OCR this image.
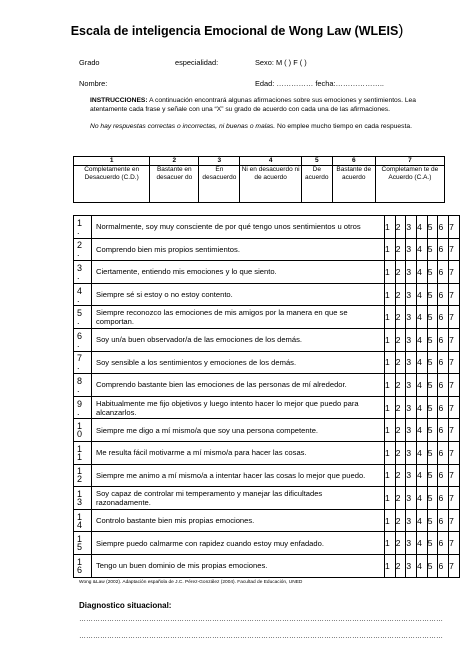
Escala de inteligencia Emocional de Wong Law (WLEIS)
Grado	especialidad:	Sexo: M ( ) F ( )
Nombre:	Edad: …………… fecha:………………..
INSTRUCCIONES: A continuación encontrará algunas afirmaciones sobre sus emociones y sentimientos. Lea atentamente cada frase y señale con una “X” su grado de acuerdo con cada una de las afirmaciones.
No hay respuestas correctas o incorrectas, ni buenas o malas. No emplee mucho tiempo en cada respuesta.
1	2	3	4	5	6	7
Completamente en Desacuerdo (C.D.)	Bastante en desacuer do	En desacuerdo	Ni en desacuerdo ni de acuerdo	De acuerdo	Bastante de acuerdo	Completamen te de Acuerdo (C.A.)
1
.	Normalmente, soy muy consciente de por qué tengo unos sentimientos u otros		1	2	3	4	5	6	7

2
.	Comprendo bien mis propios sentimientos.		1	2	3	4	5	6	7

3
.	Ciertamente, entiendo mis emociones y lo que siento.		1	2	3	4	5	6	7

4
.	Siempre sé si estoy o no estoy contento.		1	2	3	4	5	6	7

5
.	Siempre reconozco las emociones de mis amigos por la manera en que se comportan.		1	2	3	4	5	6	7

6
.	Soy un/a buen observador/a de las emociones de los demás.		1	2	3	4	5	6	7

7
.	Soy sensible a los sentimientos y emociones de los demás.		1	2	3	4	5	6	7

8
.	Comprendo bastante bien las emociones de las personas de mí alrededor.		1	2	3	4	5	6	7

9
.	Habitualmente me fijo objetivos y luego intento hacer lo mejor que puedo para alcanzarlos.		1	2	3	4	5	6	7

1
0	Siempre me digo a mí mismo/a que soy una persona competente.		1	2	3	4	5	6	7

1
1	Me resulta fácil motivarme a mí mismo/a para hacer las cosas.		1	2	3	4	5	6	7

1
2	Siempre me animo a mí mismo/a a intentar hacer las cosas lo mejor que puedo.		1	2	3	4	5	6	7

1
3	Soy capaz de controlar mi temperamento y manejar las dificultades razonadamente.		1	2	3	4	5	6	7

1
4	Controlo bastante bien mis propias emociones.		1	2	3	4	5	6	7

1
5	Siempre puedo calmarme con rapidez cuando estoy muy enfadado.		1	2	3	4	5	6	7

1
6	Tengo un buen dominio de mis propias emociones.		1	2	3	4	5	6	7
Wong &Law (2002). Adaptación española de J.C. Pérez-González (2004). Facultad de Educación, UNED
Diagnostico situacional:
…………………………………………………………………………………………………………………………………………
…………………………………………………………………………………………………………………………………………
